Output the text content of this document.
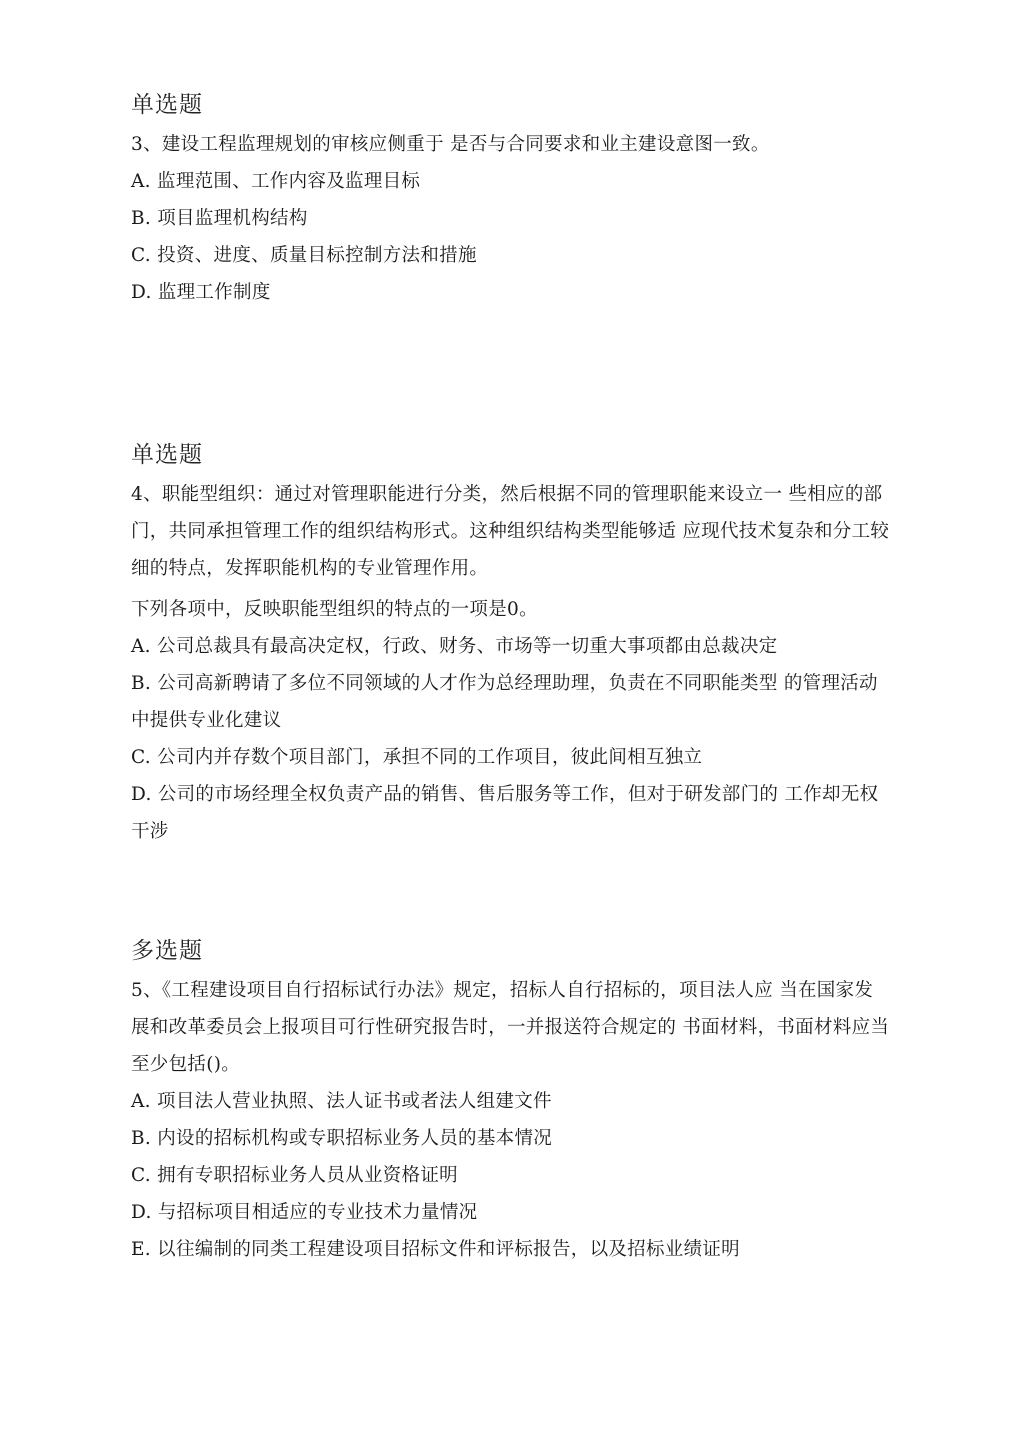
单选题

3、建设工程监理规划的审核应侧重于 是否与合同要求和业主建设意图一致。

A. 监理范围、工作内容及监理目标
B. 项目监理机构结构
C. 投资、进度、质量目标控制方法和措施
D. 监理工作制度
单选题

4、职能型组织：通过对管理职能进行分类，然后根据不同的管理职能来设立一 些相应的部门，共同承担管理工作的组织结构形式。这种组织结构类型能够适 应现代技术复杂和分工较细的特点，发挥职能机构的专业管理作用。

下列各项中，反映职能型组织的特点的一项是0。

A. 公司总裁具有最高决定权，行政、财务、市场等一切重大事项都由总裁决定
B. 公司高新聘请了多位不同领域的人才作为总经理助理，负责在不同职能类型 的管理活动中提供专业化建议
C. 公司内并存数个项目部门，承担不同的工作项目，彼此间相互独立
D. 公司的市场经理全权负责产品的销售、售后服务等工作，但对于研发部门的 工作却无权干涉
多选题

5、《工程建设项目自行招标试行办法》规定，招标人自行招标的，项目法人应 当在国家发展和改革委员会上报项目可行性研究报告时，一并报送符合规定的 书面材料，书面材料应当至少包括()。

A. 项目法人营业执照、法人证书或者法人组建文件
B. 内设的招标机构或专职招标业务人员的基本情况
C. 拥有专职招标业务人员从业资格证明
D. 与招标项目相适应的专业技术力量情况
E. 以往编制的同类工程建设项目招标文件和评标报告，以及招标业绩证明
